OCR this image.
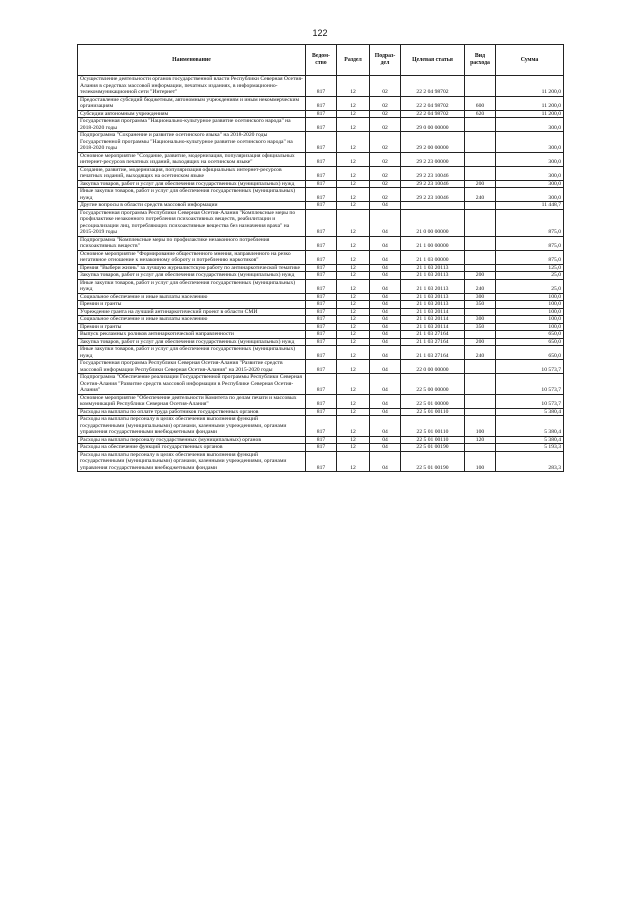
122
Наименование	Ведом-ство	Раздел	Подраз-дел	Целевая статья	Вид расхода	Сумма
Осуществление деятельности органов государственной власти Республики Северная Осетия-Алания в средствах массовой информации, печатных изданиях, в информационно-телекоммуникационной сети "Интернет"	817	12	02	22 2 04 98702		11 200,0
Предоставление субсидий бюджетным, автономным учреждениям и иным некоммерческим организациям	817	12	02	22 2 04 98702	600	11 200,0
Субсидии автономным учреждениям	817	12	02	22 2 04 98702	620	11 200,0
Государственная программа "Национально-культурное развитие осетинского народа" на 2018-2020 годы	817	12	02	29 0 00 00000		300,0
Подпрограмма "Сохранение и развитие осетинского языка" на 2018-2020 годы Государственной программы "Национально-культурное развитие осетинского народа" на 2018-2020 годы	817	12	02	29 2 00 00000		300,0
Основное мероприятие "Создание, развитие, модернизация, популяризация официальных интернет-ресурсов печатных изданий, выходящих на осетинском языке"	817	12	02	29 2 23 00000		300,0
Создание, развитие, модернизация, популяризация официальных интернет-ресурсов печатных изданий, выходящих на осетинском языке	817	12	02	29 2 23 10046		300,0
Закупка товаров, работ и услуг для обеспечения государственных (муниципальных) нужд	817	12	02	29 2 23 10046	200	300,0
Иные закупки товаров, работ и услуг для обеспечения государственных (муниципальных) нужд	817	12	02	29 2 23 10046	240	300,0
Другие вопросы в области средств массовой информации	817	12	04			11 448,7
Государственная программа Республики Северная Осетия-Алания "Комплексные меры по профилактике незаконного потребления психоактивных веществ, реабилитации и ресоциализации лиц, потребляющих психоактивные вещества без назначения врача" на 2015-2019 годы	817	12	04	21 0 00 00000		875,0
Подпрограмма "Комплексные меры по профилактике незаконного потребления психоактивных веществ"	817	12	04	21 1 00 00000		875,0
Основное мероприятие "Формирование общественного мнения, направленного на резко негативное отношение к незаконному обороту и потреблению наркотиков"	817	12	04	21 1 03 00000		875,0
Премия "Выбери жизнь" за лучшую журналистскую работу по антинаркотической тематике	817	12	04	21 1 03 20113		125,0
Закупка товаров, работ и услуг для обеспечения государственных (муниципальных) нужд	817	12	04	21 1 03 20113	200	25,0
Иные закупки товаров, работ и услуг для обеспечения государственных (муниципальных) нужд	817	12	04	21 1 03 20113	240	25,0
Социальное обеспечение и иные выплаты населению	817	12	04	21 1 03 20113	300	100,0
Премии и гранты	817	12	04	21 1 03 20113	350	100,0
Учреждение гранта на лучший антинаркотический проект в области СМИ	817	12	04	21 1 03 20114		100,0
Социальное обеспечение и иные выплаты населению	817	12	04	21 1 03 20114	300	100,0
Премии и гранты	817	12	04	21 1 03 20114	350	100,0
Выпуск рекламных роликов антинаркотической направленности	817	12	04	21 1 03 27164		650,0
Закупка товаров, работ и услуг для обеспечения государственных (муниципальных) нужд	817	12	04	21 1 03 27164	200	650,0
Иные закупки товаров, работ и услуг для обеспечения государственных (муниципальных) нужд	817	12	04	21 1 03 27164	240	650,0
Государственная программа Республики Северная Осетия-Алания "Развитие средств массовой информации Республики Северная Осетия-Алания" на 2015-2020 годы	817	12	04	22 0 00 00000		10 573,7
Подпрограмма "Обеспечение реализации Государственной программы Республики Северная Осетия-Алания "Развитие средств массовой информации в Республике Северная Осетия-Алания"	817	12	04	22 5 00 00000		10 573,7
Основное мероприятие "Обеспечение деятельности Комитета по делам печати и массовых коммуникаций Республики Северная Осетия-Алания"	817	12	04	22 5 01 00000		10 573,7
Расходы на выплаты по оплате труда работников государственных органов	817	12	04	22 5 01 00110		5 380,4
Расходы на выплаты персоналу в целях обеспечения выполнения функций государственными (муниципальными) органами, казенными учреждениями, органами управления государственными внебюджетными фондами	817	12	04	22 5 01 00110	100	5 380,4
Расходы на выплаты персоналу государственных (муниципальных) органов	817	12	04	22 5 01 00110	120	5 380,4
Расходы на обеспечение функций государственных органов	817	12	04	22 5 01 00190		5 193,3
Расходы на выплаты персоналу в целях обеспечения выполнения функций государственными (муниципальными) органами, казенными учреждениями, органами управления государственными внебюджетными фондами	817	12	04	22 5 01 00190	100	283,3
